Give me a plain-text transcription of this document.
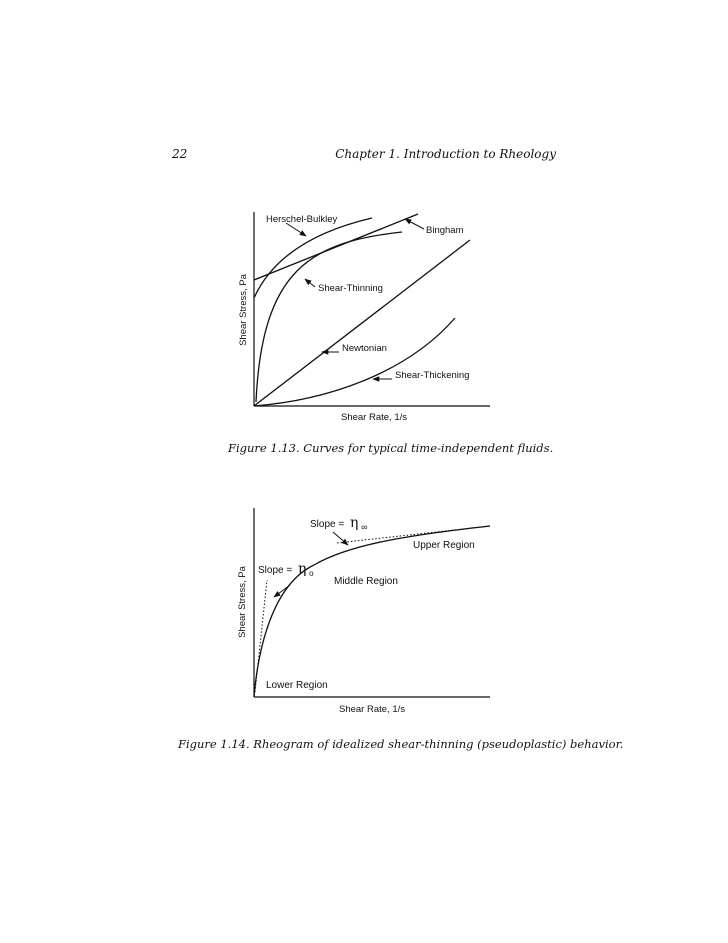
22	Chapter 1. Introduction to Rheology
Herschel-Bulkley
Bingham
Shear-Thinning
Newtonian
Shear-Thickening
Shear Rate, 1/s
Shear Stress, Pa
Figure 1.13. Curves for typical time-independent fluids.
Slope = η ∞
Slope = η $_o$
Upper Region
Middle Region
Lower Region
Shear Rate, 1/s
Shear Stress, Pa
Figure 1.14. Rheogram of idealized shear-thinning (pseudoplastic) behavior.
